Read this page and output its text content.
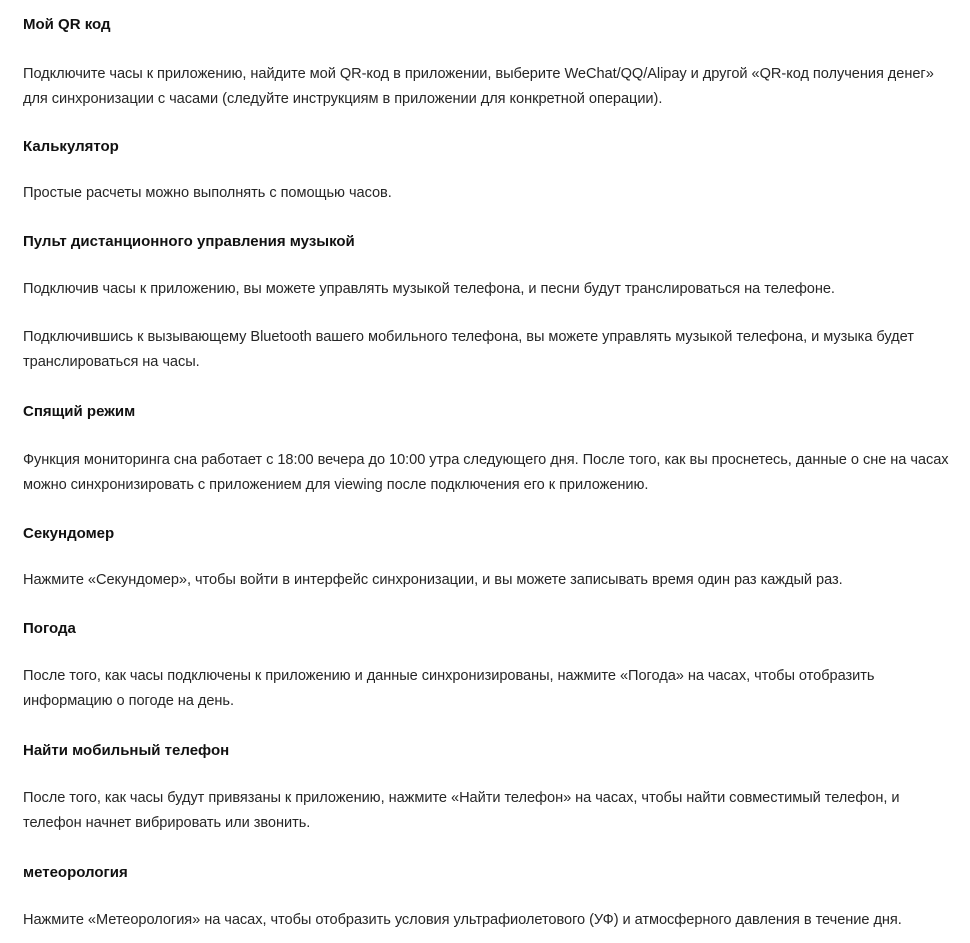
Мой QR код
Подключите часы к приложению, найдите мой QR-код в приложении, выберите WeChat/QQ/Alipay и другой «QR-код получения денег» для синхронизации с часами (следуйте инструкциям в приложении для конкретной операции).
Калькулятор
Простые расчеты можно выполнять с помощью часов.
Пульт дистанционного управления музыкой
Подключив часы к приложению, вы можете управлять музыкой телефона, и песни будут транслироваться на телефоне.
Подключившись к вызывающему Bluetooth вашего мобильного телефона, вы можете управлять музыкой телефона, и музыка будет транслироваться на часы.
Спящий режим
Функция мониторинга сна работает с 18:00 вечера до 10:00 утра следующего дня. После того, как вы проснетесь, данные о сне на часах можно синхронизировать с приложением для viewing после подключения его к приложению.
Секундомер
Нажмите «Секундомер», чтобы войти в интерфейс синхронизации, и вы можете записывать время один раз каждый раз.
Погода
После того, как часы подключены к приложению и данные синхронизированы, нажмите «Погода» на часах, чтобы отобразить информацию о погоде на день.
Найти мобильный телефон
После того, как часы будут привязаны к приложению, нажмите «Найти телефон» на часах, чтобы найти совместимый телефон, и телефон начнет вибрировать или звонить.
метеорология
Нажмите «Метеорология» на часах, чтобы отобразить условия ультрафиолетового (УФ) и атмосферного давления в течение дня.
